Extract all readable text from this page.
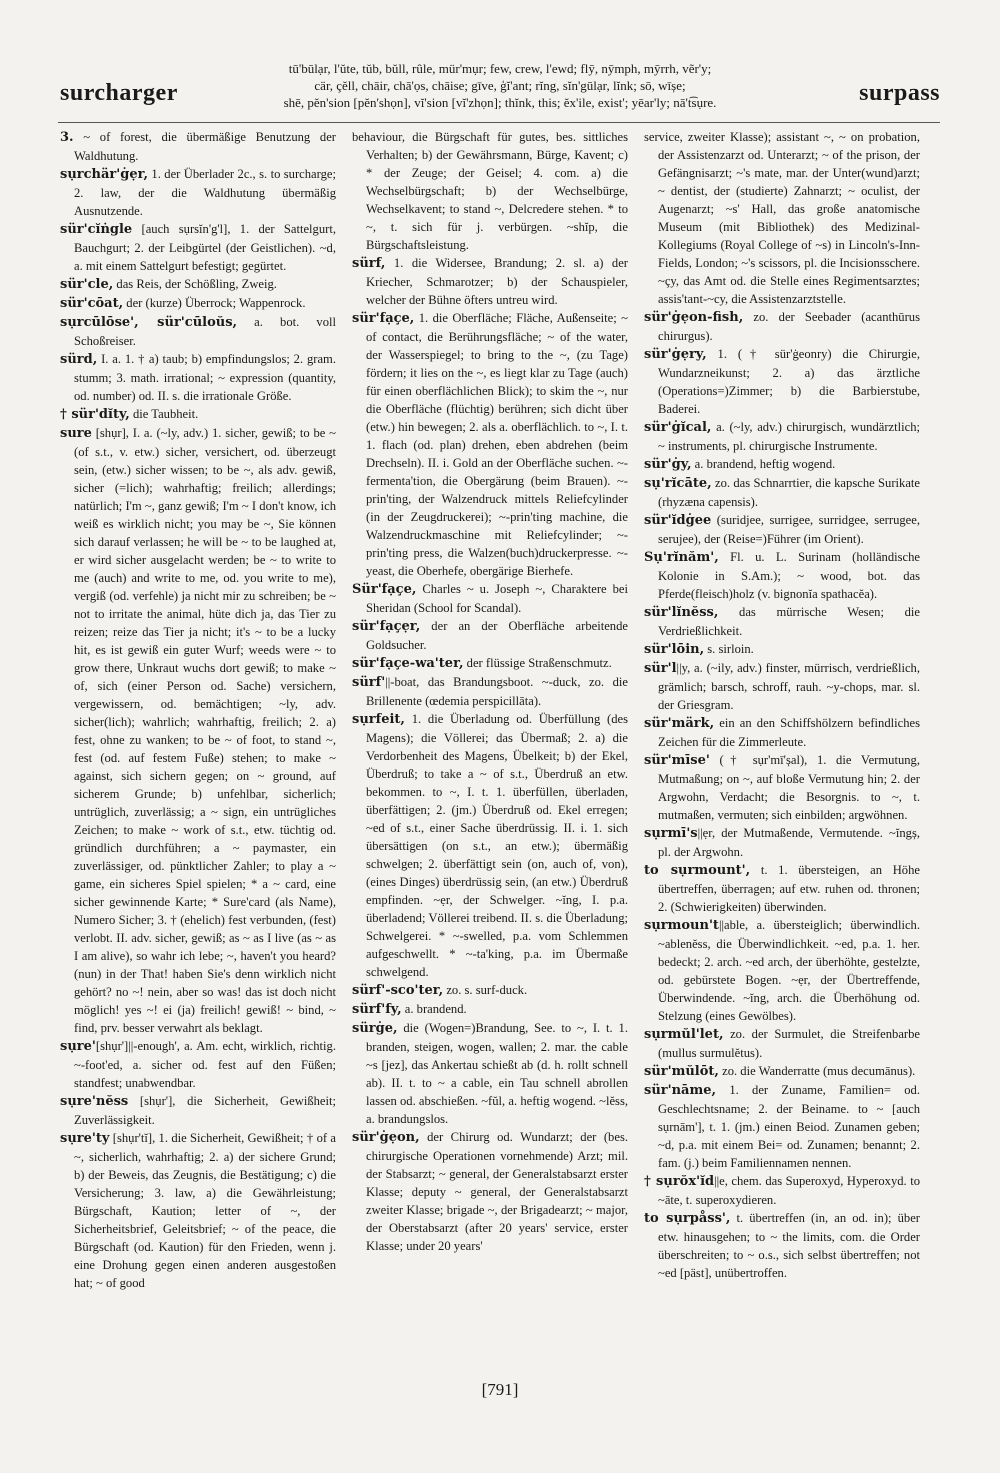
surcharger
tū'būlạr, l'ŭte, tŭb, bŭll, rûle, mür'mụr; few, crew, l'ewd; flȳ, nȳmph, mȳrrh, vẽr'y;
cär, çĕll, chāir, chā'ọs, chāise; gīve, ģĭ'ant; rĭng, sĭn'gūlạr, lĭnk; sō, wīșe;
shē, pĕn'sion [pĕn'shọn], vĭ'sion [vĭ'zhọn]; thĭnk, this; ĕx'ile, exist'; yēar'ly; nā't͡sụre.	surpass

3. ~ of forest, die übermäßige Benutzung der Waldhutung.

sụrchär'ġẹr, 1. der Überlader 2c., s. to surcharge; 2. law, der die Waldhutung übermäßig Ausnutzende.

sür'cĭṅgle [auch sụrsĭn'g'l], 1. der Sattelgurt, Bauchgurt; 2. der Leibgürtel (der Geistlichen). ~d, a. mit einem Sattelgurt befestigt; gegürtet.

sür'cle, das Reis, der Schößling, Zweig.

sür'cōat, der (kurze) Überrock; Wappenrock.

sụrcūlōse', sür'cūloŭs, a. bot. voll Schoßreiser.

sürd, I. a. 1. † a) taub; b) empfindungslos; 2. gram. stumm; 3. math. irrational; ~ expression (quantity, od. number) od. II. s. die irrationale Größe.

† sür'dĭty, die Taubheit.

sure [shụr], I. a. (~ly, adv.) 1. sicher, gewiß; to be ~ (of s.t., v. etw.) sicher, versichert, od. überzeugt sein, (etw.) sicher wissen; to be ~, als adv. gewiß, sicher (=lich); wahrhaftig; freilich; allerdings; natürlich; I'm ~, ganz gewiß; I'm ~ I don't know, ich weiß es wirklich nicht; you may be ~, Sie können sich darauf verlassen; he will be ~ to be laughed at, er wird sicher ausgelacht werden; be ~ to write to me (auch) and write to me, od. you write to me), vergiß (od. verfehle) ja nicht mir zu schreiben; be ~ not to irritate the animal, hüte dich ja, das Tier zu reizen; reize das Tier ja nicht; it's ~ to be a lucky hit, es ist gewiß ein guter Wurf; weeds were ~ to grow there, Unkraut wuchs dort gewiß; to make ~ of, sich (einer Person od. Sache) versichern, vergewissern, od. bemächtigen; ~ly, adv. sicher(lich); wahrlich; wahrhaftig, freilich; 2. a) fest, ohne zu wanken; to be ~ of foot, to stand ~, fest (od. auf festem Fuße) stehen; to make ~ against, sich sichern gegen; on ~ ground, auf sicherem Grunde; b) unfehlbar, sicherlich; untrüglich, zuverlässig; a ~ sign, ein untrügliches Zeichen; to make ~ work of s.t., etw. tüchtig od. gründlich durchführen; a ~ paymaster, ein zuverlässiger, od. pünktlicher Zahler; to play a ~ game, ein sicheres Spiel spielen; * a ~ card, eine sicher gewinnende Karte; * Sure'card (als Name), Numero Sicher; 3. † (ehelich) fest verbunden, (fest) verlobt. II. adv. sicher, gewiß; as ~ as I live (as ~ as I am alive), so wahr ich lebe; ~, haven't you heard? (nun) in der That! haben Sie's denn wirklich nicht gehört? no ~! nein, aber so was! das ist doch nicht möglich! yes ~! ei (ja) freilich! gewiß! ~ bind, ~ find, prv. besser verwahrt als beklagt.

sụre'[shụr']||-enough', a. Am. echt, wirklich, richtig. ~-foot'ed, a. sicher od. fest auf den Füßen; standfest; unabwendbar.

sụre'nĕss [shụr'], die Sicherheit, Gewißheit; Zuverlässigkeit.

sụre'ty [shụr'tĭ], 1. die Sicherheit, Gewißheit; † of a ~, sicherlich, wahrhaftig; 2. a) der sichere Grund; b) der Beweis, das Zeugnis, die Bestätigung; c) die Versicherung; 3. law, a) die Gewährleistung; Bürgschaft, Kaution; letter of ~, der Sicherheitsbrief, Geleitsbrief; ~ of the peace, die Bürgschaft (od. Kaution) für den Frieden, wenn j. eine Drohung gegen einen anderen ausgestoßen hat; ~ of good

behaviour, die Bürgschaft für gutes, bes. sittliches Verhalten; b) der Gewährsmann, Bürge, Kavent; c) * der Zeuge; der Geisel; 4. com. a) die Wechselbürgschaft; b) der Wechselbürge, Wechselkavent; to stand ~, Delcredere stehen. * to ~, t. sich für j. verbürgen. ~shĭp, die Bürgschaftsleistung.

sürf, 1. die Widersee, Brandung; 2. sl. a) der Kriecher, Schmarotzer; b) der Schauspieler, welcher der Bühne öfters untreu wird.

sür'fạçe, 1. die Oberfläche; Fläche, Außenseite; ~ of contact, die Berührungsfläche; ~ of the water, der Wasserspiegel; to bring to the ~, (zu Tage) fördern; it lies on the ~, es liegt klar zu Tage (auch) für einen oberflächlichen Blick); to skim the ~, nur die Oberfläche (flüchtig) berühren; sich dicht über (etw.) hin bewegen; 2. als a. oberflächlich. to ~, I. t. 1. flach (od. plan) drehen, eben abdrehen (beim Drechseln). II. i. Gold an der Oberfläche suchen. ~-fermenta'tion, die Obergärung (beim Brauen). ~-prin'ting, der Walzendruck mittels Reliefcylinder (in der Zeugdruckerei); ~-prin'ting machine, die Walzendruckmaschine mit Reliefcylinder; ~-prin'ting press, die Walzen(buch)druckerpresse. ~-yeast, die Oberhefe, obergärige Bierhefe.

Sür'fạçe, Charles ~ u. Joseph ~, Charaktere bei Sheridan (School for Scandal).

sür'fạçẹr, der an der Oberfläche arbeitende Goldsucher.

sür'fạçe-wa'ter, der flüssige Straßenschmutz.

sürf'||-boat, das Brandungsboot. ~-duck, zo. die Brillenente (œdemia perspicillāta).

sụrfeit, 1. die Überladung od. Überfüllung (des Magens); die Völlerei; das Übermaß; 2. a) die Verdorbenheit des Magens, Übelkeit; b) der Ekel, Überdruß; to take a ~ of s.t., Überdruß an etw. bekommen. to ~, I. t. 1. überfüllen, überladen, überfättigen; 2. (jm.) Überdruß od. Ekel erregen; ~ed of s.t., einer Sache überdrüssig. II. i. 1. sich übersättigen (on s.t., an etw.); übermäßig schwelgen; 2. überfättigt sein (on, auch of, von), (eines Dinges) überdrüssig sein, (an etw.) Überdruß empfinden. ~ẹr, der Schwelger. ~ĭng, I. p.a. überladend; Völlerei treibend. II. s. die Überladung; Schwelgerei. * ~-swelled, p.a. vom Schlemmen aufgeschwellt. * ~-ta'king, p.a. im Übermaße schwelgend.

sürf'-sco'ter, zo. s. surf-duck.

sürf'fy, a. brandend.

sürġe, die (Wogen=)Brandung, See. to ~, I. t. 1. branden, steigen, wogen, wallen; 2. mar. the cable ~s [jez], das Ankertau schießt ab (d. h. rollt schnell ab). II. t. to ~ a cable, ein Tau schnell abrollen lassen od. abschießen. ~fŭl, a. heftig wogend. ~lĕss, a. brandungslos.

sür'ġẹon, der Chirurg od. Wundarzt; der (bes. chirurgische Operationen vornehmende) Arzt; mil. der Stabsarzt; ~ general, der Generalstabsarzt erster Klasse; deputy ~ general, der Generalstabsarzt zweiter Klasse; brigade ~, der Brigadearzt; ~ major, der Oberstabsarzt (after 20 years' service, erster Klasse; under 20 years'

service, zweiter Klasse); assistant ~, ~ on probation, der Assistenzarzt od. Unterarzt; ~ of the prison, der Gefängnisarzt; ~'s mate, mar. der Unter(wund)arzt; ~ dentist, der (studierte) Zahnarzt; ~ oculist, der Augenarzt; ~s' Hall, das große anatomische Museum (mit Bibliothek) des Medizinal-Kollegiums (Royal College of ~s) in Lincoln's-Inn-Fields, London; ~'s scissors, pl. die Incisionsschere. ~çy, das Amt od. die Stelle eines Regimentsarztes; assis'tant-~cy, die Assistenzarztstelle.

sür'ġẹon-fish, zo. der Seebader (acanthūrus chirurgus).

sür'ġẹry, 1. († sür'ġeonry) die Chirurgie, Wundarzneikunst; 2. a) das ärztliche (Operations=)Zimmer; b) die Barbierstube, Baderei.

sür'ġĭcal, a. (~ly, adv.) chirurgisch, wundärztlich; ~ instruments, pl. chirurgische Instrumente.

sür'ġy, a. brandend, heftig wogend.

sụ'rĭcāte, zo. das Schnarrtier, die kapsche Surikate (rhyzæna capensis).

sür'ĭdġee (suridjee, surrigee, surridgee, serrugee, serujee), der (Reise=)Führer (im Orient).

Sụ'rĭnăm', Fl. u. L. Surinam (holländische Kolonie in S.Am.); ~ wood, bot. das Pferde(fleisch)holz (v. bignonĭa spathacĕa).

sür'lĭnĕss, das mürrische Wesen; die Verdrießlichkeit.

sür'lōin, s. sirloin.

sür'l||y, a. (~ily, adv.) finster, mürrisch, verdrießlich, grämlich; barsch, schroff, rauh. ~y-chops, mar. sl. der Griesgram.

sür'märk, ein an den Schiffshölzern befindliches Zeichen für die Zimmerleute.

sür'mīse' († sụr'mī'șal), 1. die Vermutung, Mutmaßung; on ~, auf bloße Vermutung hin; 2. der Argwohn, Verdacht; die Besorgnis. to ~, t. mutmaßen, vermuten; sich einbilden; argwöhnen.

sụrmī's||ẹr, der Mutmaßende, Vermutende. ~ĭngș, pl. der Argwohn.

to sụrmount', t. 1. übersteigen, an Höhe übertreffen, überragen; auf etw. ruhen od. thronen; 2. (Schwierigkeiten) überwinden.

sụrmoun't||able, a. übersteiglich; überwindlich. ~ablenĕss, die Überwindlichkeit. ~ed, p.a. 1. her. bedeckt; 2. arch. ~ed arch, der überhöhte, gestelzte, od. gebürstete Bogen. ~ẹr, der Übertreffende, Überwindende. ~ĭng, arch. die Überhöhung od. Stelzung (eines Gewölbes).

sụrmŭl'let, zo. der Surmulet, die Streifenbarbe (mullus surmulĕtus).

sür'mŭlōt, zo. die Wanderratte (mus decumānus).

sür'nāme, 1. der Zuname, Familien= od. Geschlechtsname; 2. der Beiname. to ~ [auch sụrnām'], t. 1. (jm.) einen Beiod. Zunamen geben; ~d, p.a. mit einem Bei= od. Zunamen; benannt; 2. fam. (j.) beim Familiennamen nennen.

† sụrŏx'ĭd||e, chem. das Superoxyd, Hyperoxyd. to ~āte, t. superoxydieren.

to sụrpåss', t. übertreffen (in, an od. in); über etw. hinausgehen; to ~ the limits, com. die Order überschreiten; to ~ o.s., sich selbst übertreffen; not ~ed [päst], unübertroffen.

[791]
